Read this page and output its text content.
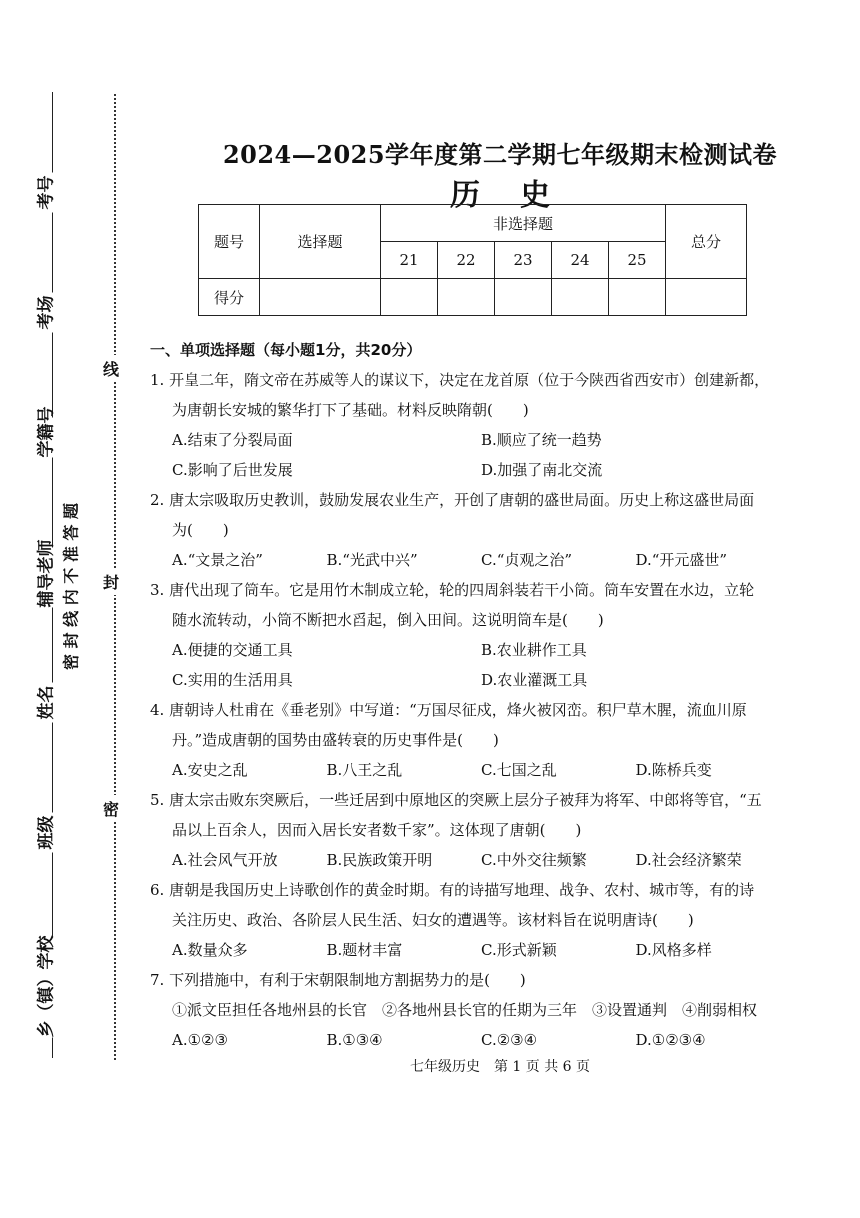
考号
考场
学籍号
辅导老师
姓名
班级
乡（镇）学校
密 封 线 内 不 准 答 题
线
封
密
2024—2025学年度第二学期七年级期末检测试卷
历史
题号	选择题	非选择题					总分
		21	22	23	24	25	
得分							

一、单项选择题（每小题1分，共20分）

1. 开皇二年，隋文帝在苏威等人的谋议下，决定在龙首原（位于今陕西省西安市）创建新都，

为唐朝长安城的繁华打下了基础。材料反映隋朝(　　)

A.结束了分裂局面	B.顺应了统一趋势
C.影响了后世发展	D.加强了南北交流

2. 唐太宗吸取历史教训，鼓励发展农业生产，开创了唐朝的盛世局面。历史上称这盛世局面

为(　　)

A.“文景之治”	B.“光武中兴”	C.“贞观之治”	D.“开元盛世”

3. 唐代出现了筒车。它是用竹木制成立轮，轮的四周斜装若干小筒。筒车安置在水边，立轮

随水流转动，小筒不断把水舀起，倒入田间。这说明筒车是(　　)

A.便捷的交通工具	B.农业耕作工具
C.实用的生活用具	D.农业灌溉工具

4. 唐朝诗人杜甫在《垂老别》中写道：“万国尽征戍，烽火被冈峦。积尸草木腥，流血川原

丹。”造成唐朝的国势由盛转衰的历史事件是(　　)

A.安史之乱	B.八王之乱	C.七国之乱	D.陈桥兵变

5. 唐太宗击败东突厥后，一些迁居到中原地区的突厥上层分子被拜为将军、中郎将等官，“五

品以上百余人，因而入居长安者数千家”。这体现了唐朝(　　)

A.社会风气开放	B.民族政策开明	C.中外交往频繁	D.社会经济繁荣

6. 唐朝是我国历史上诗歌创作的黄金时期。有的诗描写地理、战争、农村、城市等，有的诗

关注历史、政治、各阶层人民生活、妇女的遭遇等。该材料旨在说明唐诗(　　)

A.数量众多	B.题材丰富	C.形式新颖	D.风格多样

7. 下列措施中，有利于宋朝限制地方割据势力的是(　　)

①派文臣担任各地州县的长官　②各地州县长官的任期为三年　③设置通判　④削弱相权

A.①②③	B.①③④	C.②③④	D.①②③④
七年级历史　第 1 页 共 6 页
